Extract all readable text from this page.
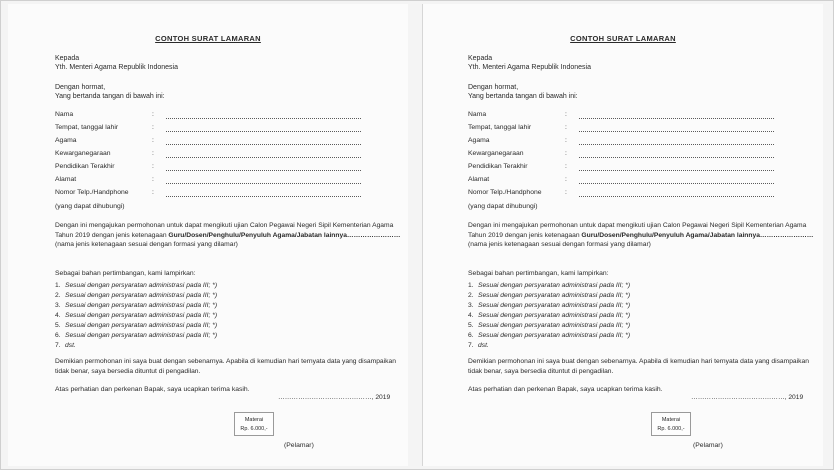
CONTOH SURAT LAMARAN
Kepada
Yth. Menteri Agama Republik Indonesia
Dengan hormat,
Yang bertanda tangan di bawah ini:
Nama	:
Tempat, tanggal lahir	:
Agama	:
Kewarganegaraan	:
Pendidikan Terakhir	:
Alamat	:
Nomor Telp./Handphone	:
(yang dapat dihubungi)
Dengan ini mengajukan permohonan untuk dapat mengikuti ujian Calon Pegawai Negeri Sipil Kementerian Agama Tahun 2019 dengan jenis ketenagaan Guru/Dosen/Penghulu/Penyuluh Agama/Jabatan lainnya……………………(nama jenis ketenagaan sesuai dengan formasi yang dilamar)
Sebagai bahan pertimbangan, kami lampirkan:
1. Sesuai dengan persyaratan administrasi pada III; *)
2. Sesuai dengan persyaratan administrasi pada III; *)
3. Sesuai dengan persyaratan administrasi pada III; *)
4. Sesuai dengan persyaratan administrasi pada III; *)
5. Sesuai dengan persyaratan administrasi pada III; *)
6. Sesuai dengan persyaratan administrasi pada III; *)
7. dst.
Demikian permohonan ini saya buat dengan sebenarnya. Apabila di kemudian hari ternyata data yang disampaikan tidak benar, saya bersedia dituntut di pengadilan.
Atas perhatian dan perkenan Bapak, saya ucapkan terima kasih.
……………………………………, 2019
Materai
Rp. 6.000,-
(Pelamar)
CONTOH SURAT LAMARAN
Kepada
Yth. Menteri Agama Republik Indonesia
Dengan hormat,
Yang bertanda tangan di bawah ini:
Nama	:
Tempat, tanggal lahir	:
Agama	:
Kewarganegaraan	:
Pendidikan Terakhir	:
Alamat	:
Nomor Telp./Handphone	:
(yang dapat dihubungi)
Dengan ini mengajukan permohonan untuk dapat mengikuti ujian Calon Pegawai Negeri Sipil Kementerian Agama Tahun 2019 dengan jenis ketenagaan Guru/Dosen/Penghulu/Penyuluh Agama/Jabatan lainnya……………………(nama jenis ketenagaan sesuai dengan formasi yang dilamar)
Sebagai bahan pertimbangan, kami lampirkan:
1. Sesuai dengan persyaratan administrasi pada III; *)
2. Sesuai dengan persyaratan administrasi pada III; *)
3. Sesuai dengan persyaratan administrasi pada III; *)
4. Sesuai dengan persyaratan administrasi pada III; *)
5. Sesuai dengan persyaratan administrasi pada III; *)
6. Sesuai dengan persyaratan administrasi pada III; *)
7. dst.
Demikian permohonan ini saya buat dengan sebenarnya. Apabila di kemudian hari ternyata data yang disampaikan tidak benar, saya bersedia dituntut di pengadilan.
Atas perhatian dan perkenan Bapak, saya ucapkan terima kasih.
……………………………………, 2019
Materai
Rp. 6.000,-
(Pelamar)
